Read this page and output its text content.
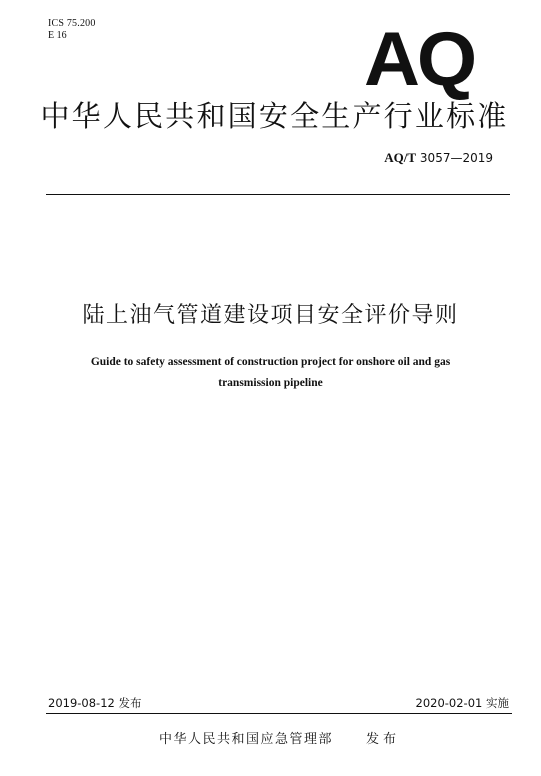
ICS 75.200
E 16	AQ
中华人民共和国安全生产行业标准
AQ/T 3057—2019
陆上油气管道建设项目安全评价导则
Guide to safety assessment of construction project for onshore oil and gas
transmission pipeline
2019-08-12 发布	2020-02-01 实施
中华人民共和国应急管理部	发布
